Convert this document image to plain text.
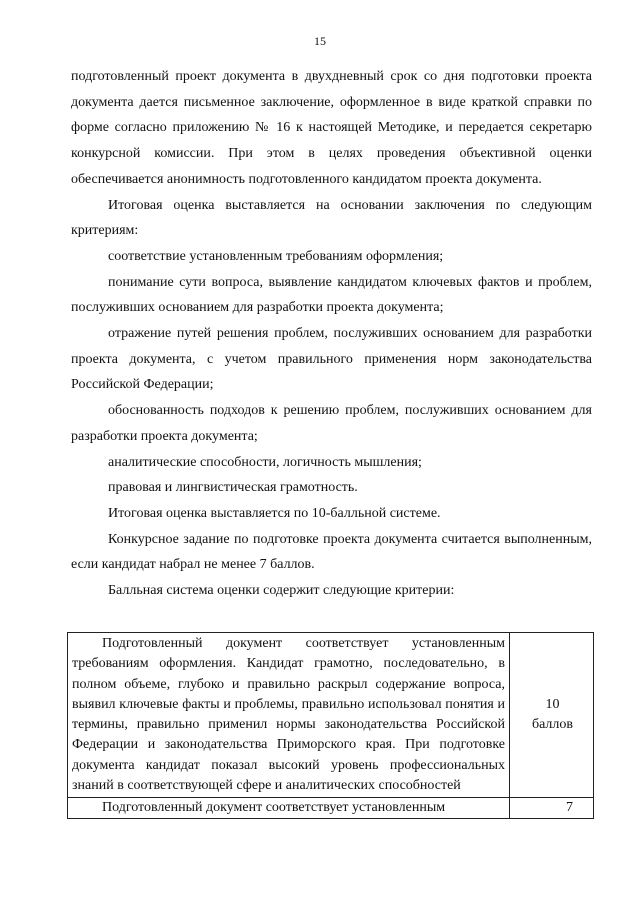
15

подготовленный проект документа в двухдневный срок со дня подготовки проекта документа дается письменное заключение, оформленное в виде краткой справки по форме согласно приложению № 16 к настоящей Методике, и передается секретарю конкурсной комиссии. При этом в целях проведения объективной оценки обеспечивается анонимность подготовленного кандидатом проекта документа.

Итоговая оценка выставляется на основании заключения по следующим критериям:

соответствие установленным требованиям оформления;

понимание сути вопроса, выявление кандидатом ключевых фактов и проблем, послуживших основанием для разработки проекта документа;

отражение путей решения проблем, послуживших основанием для разработки проекта документа, с учетом правильного применения норм законодательства Российской Федерации;

обоснованность подходов к решению проблем, послуживших основанием для разработки проекта документа;

аналитические способности, логичность мышления;

правовая и лингвистическая грамотность.

Итоговая оценка выставляется по 10-балльной системе.

Конкурсное задание по подготовке проекта документа считается выполненным, если кандидат набрал не менее 7 баллов.

Балльная система оценки содержит следующие критерии:

Подготовленный документ соответствует установленным требованиям оформления. Кандидат грамотно, последовательно, в полном объеме, глубоко и правильно раскрыл содержание вопроса, выявил ключевые факты и проблемы, правильно использовал понятия и термины, правильно применил нормы законодательства Российской Федерации и законодательства Приморского края. При подготовке документа кандидат показал высокий уровень профессиональных знаний в соответствующей сфере и аналитических способностей	10
баллов

Подготовленный документ соответствует установленным	7
